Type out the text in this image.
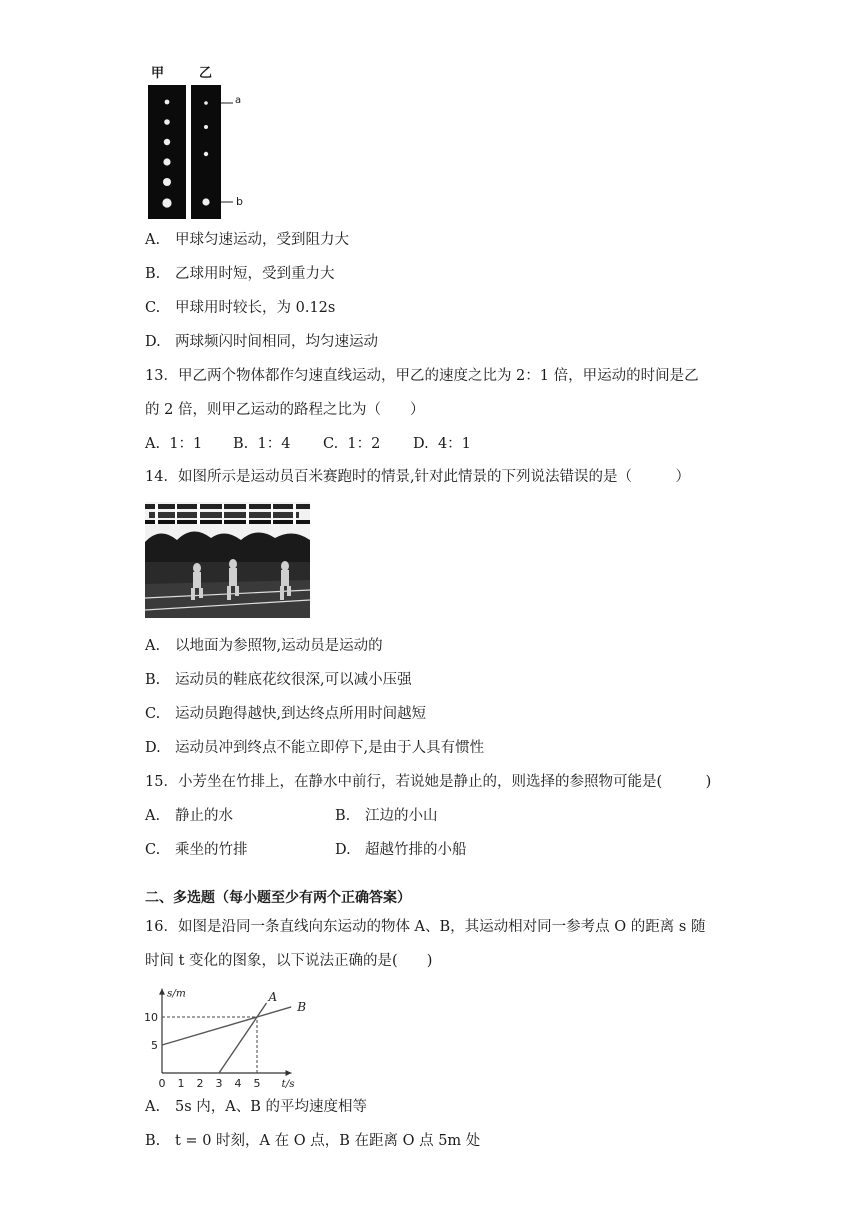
甲	乙
a
b
A. 甲球匀速运动，受到阻力大
B. 乙球用时短，受到重力大
C. 甲球用时较长，为 0.12s
D. 两球频闪时间相同，均匀速运动
13．甲乙两个物体都作匀速直线运动，甲乙的速度之比为 2：1 倍，甲运动的时间是乙
的 2 倍，则甲乙运动的路程之比为（　　）
A. 1：1 B. 1：4 C. 1：2 D. 4：1
14．如图所示是运动员百米赛跑时的情景,针对此情景的下列说法错误的是（　　　）
A. 以地面为参照物,运动员是运动的
B. 运动员的鞋底花纹很深,可以减小压强
C. 运动员跑得越快,到达终点所用时间越短
D. 运动员冲到终点不能立即停下,是由于人具有惯性
15．小芳坐在竹排上，在静水中前行，若说她是静止的，则选择的参照物可能是(　　　)
A. 静止的水	B. 江边的小山
C. 乘坐的竹排	D. 超越竹排的小船
二、多选题（每小题至少有两个正确答案）
16．如图是沿同一条直线向东运动的物体 A、B，其运动相对同一参考点 O 的距离 s 随
时间 t 变化的图象，以下说法正确的是(　　)
A
B
0 1 2 3 4 5
5
10
t/s
s/m
A. 5s 内，A、B 的平均速度相等
B. t = 0 时刻，A 在 O 点，B 在距离 O 点 5m 处
